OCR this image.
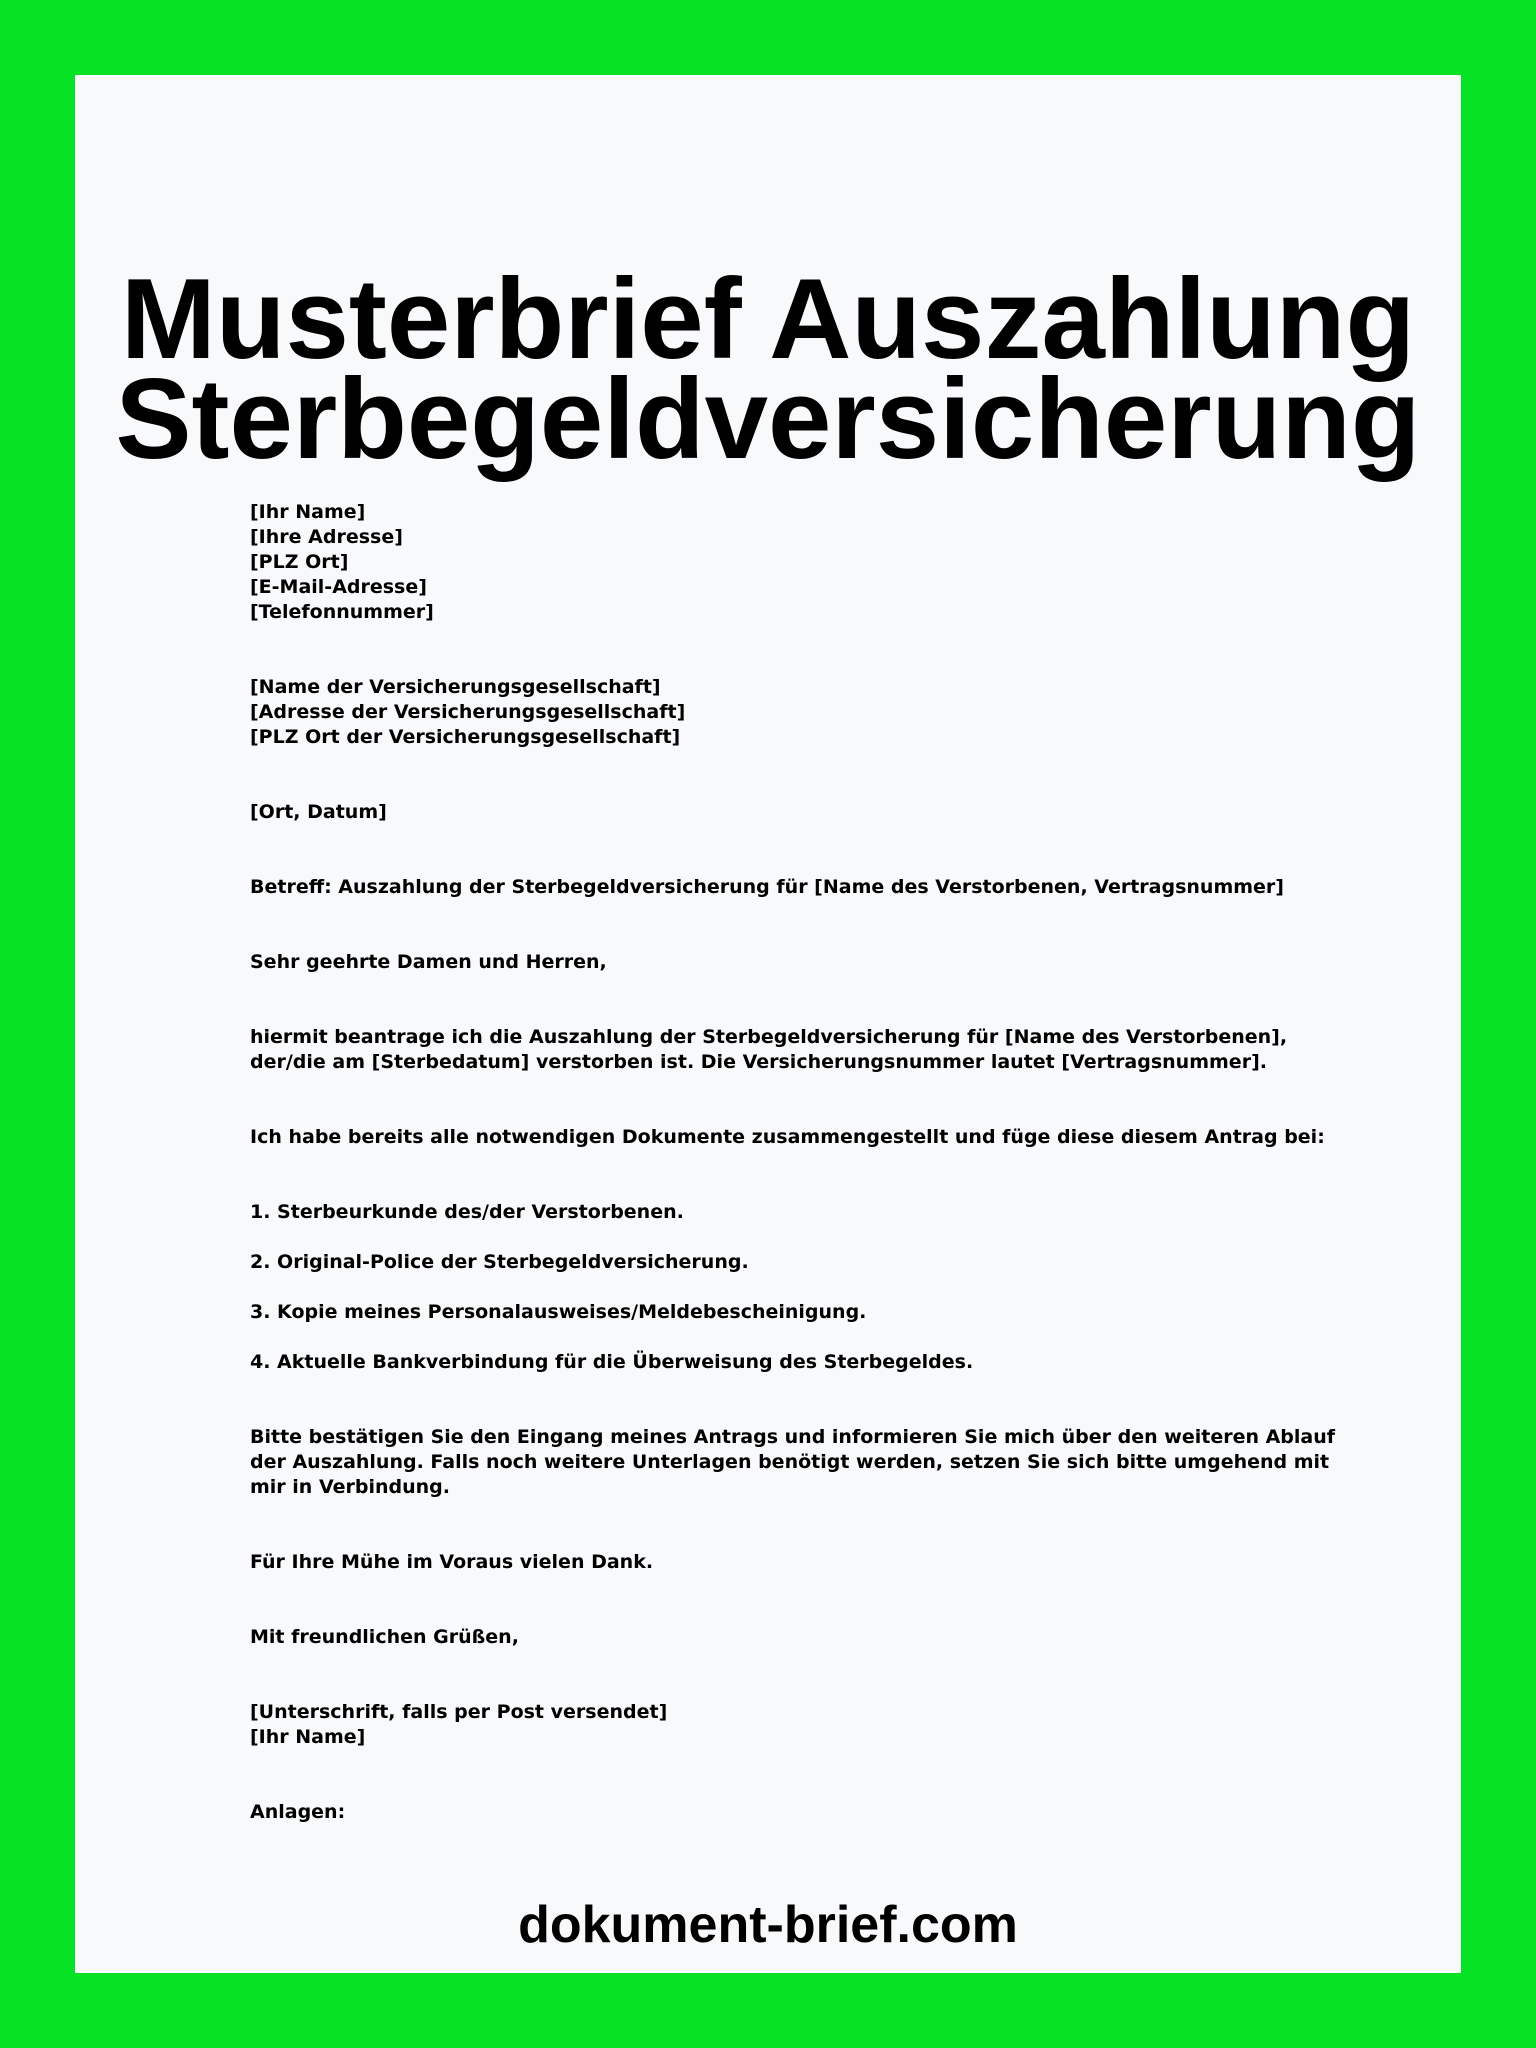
Musterbrief Auszahlung
Sterbegeldversicherung
[Ihr Name]
[Ihre Adresse]
[PLZ Ort]
[E-Mail-Adresse]
[Telefonnummer]
[Name der Versicherungsgesellschaft]
[Adresse der Versicherungsgesellschaft]
[PLZ Ort der Versicherungsgesellschaft]
[Ort, Datum]
Betreff: Auszahlung der Sterbegeldversicherung für [Name des Verstorbenen, Vertragsnummer]
Sehr geehrte Damen und Herren,
hiermit beantrage ich die Auszahlung der Sterbegeldversicherung für [Name des Verstorbenen], der/die am [Sterbedatum] verstorben ist. Die Versicherungsnummer lautet [Vertragsnummer].
Ich habe bereits alle notwendigen Dokumente zusammengestellt und füge diese diesem Antrag bei:
1. Sterbeurkunde des/der Verstorbenen.
2. Original-Police der Sterbegeldversicherung.
3. Kopie meines Personalausweises/Meldebescheinigung.
4. Aktuelle Bankverbindung für die Überweisung des Sterbegeldes.
Bitte bestätigen Sie den Eingang meines Antrags und informieren Sie mich über den weiteren Ablauf der Auszahlung. Falls noch weitere Unterlagen benötigt werden, setzen Sie sich bitte umgehend mit mir in Verbindung.
Für Ihre Mühe im Voraus vielen Dank.
Mit freundlichen Grüßen,
[Unterschrift, falls per Post versendet]
[Ihr Name]
Anlagen:
dokument-brief.com
